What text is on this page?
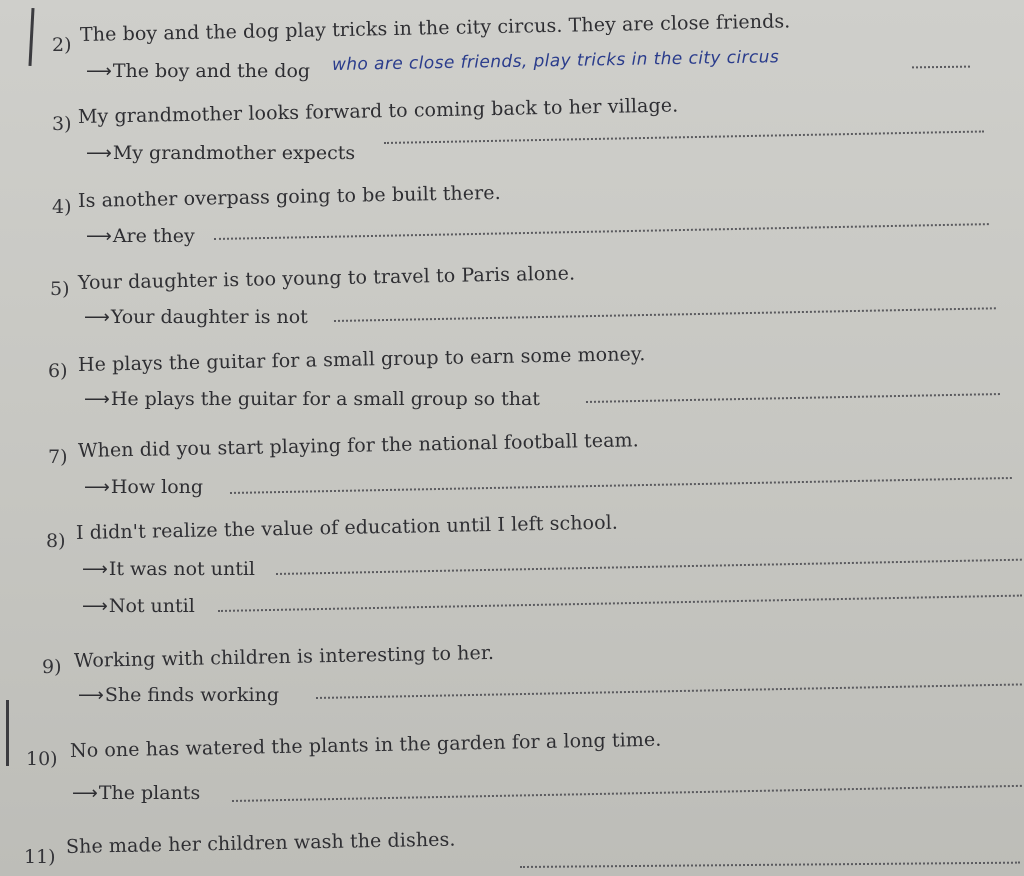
2) The boy and the dog play tricks in the city circus. They are close friends.
⟶The boy and the dog who are close friends, play tricks in the city circus
3) My grandmother looks forward to coming back to her village.
⟶My grandmother expects
4) Is another overpass going to be built there.
⟶Are they
5) Your daughter is too young to travel to Paris alone.
⟶Your daughter is not
6) He plays the guitar for a small group to earn some money.
⟶He plays the guitar for a small group so that
7) When did you start playing for the national football team.
⟶How long
8) I didn't realize the value of education until I left school.
⟶It was not until
⟶Not until
9) Working with children is interesting to her.
⟶She finds working
10) No one has watered the plants in the garden for a long time.
⟶The plants
11) She made her children wash the dishes.
